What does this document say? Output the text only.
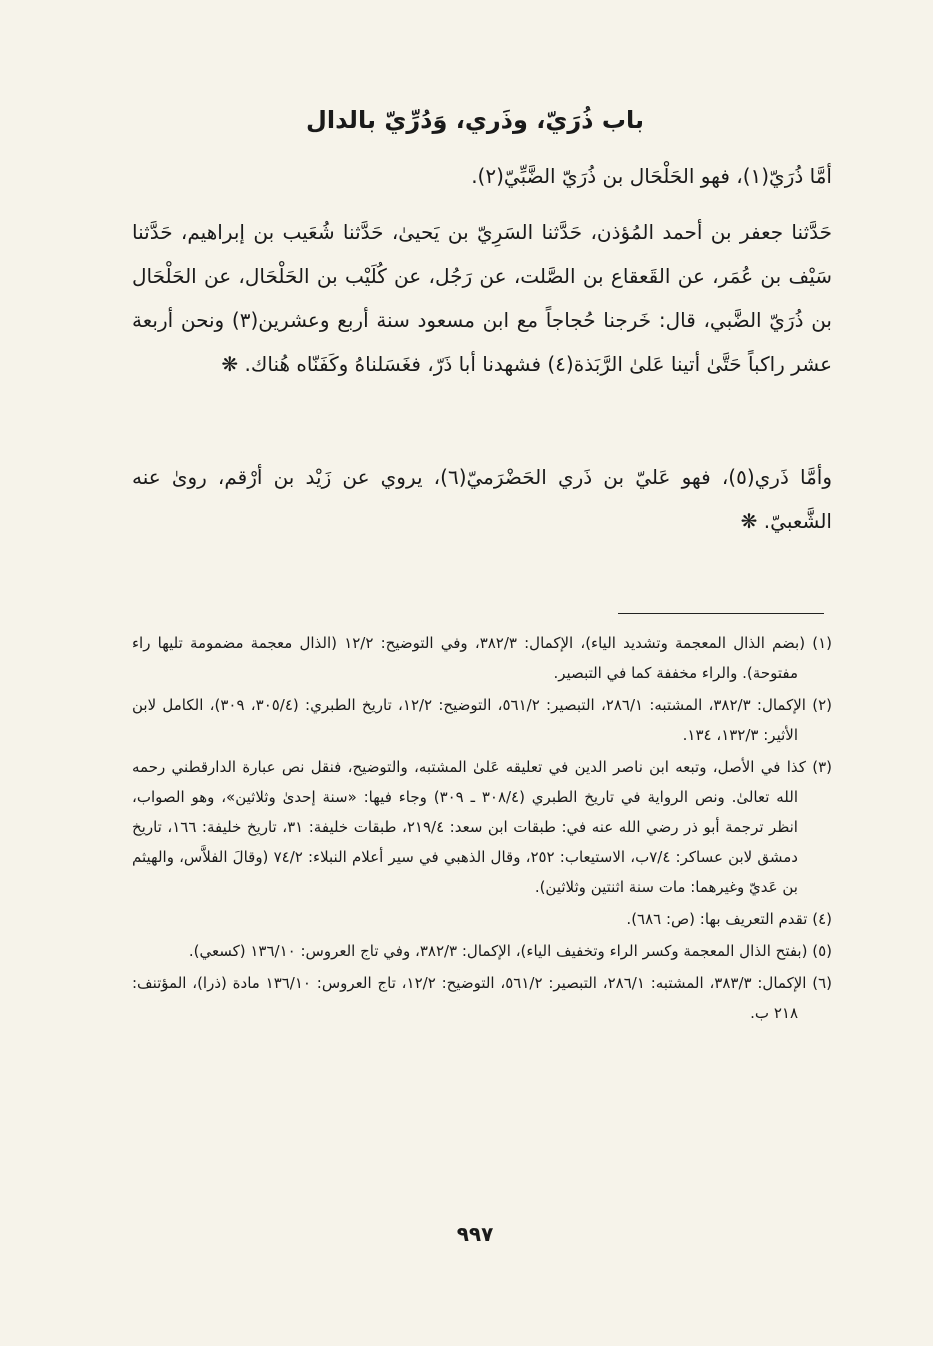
باب ذُرَيّ، وذَري، وَدُرِّيّ بالدال
أمَّا ذُرَيّ(١)، فهو الحَلْحَال بن ذُرَيّ الضَّبِّيّ(٢).
حَدَّثنا جعفر بن أحمد المُؤذن، حَدَّثنا السَرِيّ بن يَحيىٰ، حَدَّثنا شُعَيب بن إبراهيم، حَدَّثنا سَيْف بن عُمَر، عن القَعقاع بن الصَّلت، عن رَجُل، عن كُلَيْب بن الحَلْحَال، عن الحَلْحَال بن ذُرَيّ الضَّبي، قال: خَرجنا حُجاجاً مع ابن مسعود سنة أربع وعشرين(٣) ونحن أربعة عشر راكباً حَتَّىٰ أتينا عَلىٰ الرَّبَذة(٤) فشهدنا أبا ذَرّ، فغَسَلناهُ وكَفَنّاه هُناك. ❋
وأمَّا ذَري(٥)، فهو عَليّ بن ذَري الحَضْرَميّ(٦)، يروي عن زَيْد بن أرْقم، روىٰ عنه الشَّعبيّ. ❋

(١) (بضم الذال المعجمة وتشديد الياء)، الإكمال: ٣٨٢/٣، وفي التوضيح: ١٢/٢ (الذال معجمة مضمومة تليها راء مفتوحة). والراء مخففة كما في التبصير.

(٢) الإكمال: ٣٨٢/٣، المشتبه: ٢٨٦/١، التبصير: ٥٦١/٢، التوضيح: ١٢/٢، تاريخ الطبري: (٣٠٥/٤، ٣٠٩)، الكامل لابن الأثير: ١٣٢/٣، ١٣٤.

(٣) كذا في الأصل، وتبعه ابن ناصر الدين في تعليقه عَلىٰ المشتبه، والتوضيح، فنقل نص عبارة الدارقطني رحمه الله تعالىٰ. ونص الرواية في تاريخ الطبري (٣٠٨/٤ ـ ٣٠٩) وجاء فيها: «سنة إحدىٰ وثلاثين»، وهو الصواب، انظر ترجمة أبو ذر رضي الله عنه في: طبقات ابن سعد: ٢١٩/٤، طبقات خليفة: ٣١، تاريخ خليفة: ١٦٦، تاريخ دمشق لابن عساكر: ٧/٤ب، الاستيعاب: ٢٥٢، وقال الذهبي في سير أعلام النبلاء: ٧٤/٢ (وقالَ الفلاَّس، والهيثم بن عَديّ وغيرهما: مات سنة اثنتين وثلاثين).

(٤) تقدم التعريف بها: (ص: ٦٨٦).

(٥) (بفتح الذال المعجمة وكسر الراء وتخفيف الياء)، الإكمال: ٣٨٢/٣، وفي تاج العروس: ١٣٦/١٠ (كسعي).

(٦) الإكمال: ٣٨٣/٣، المشتبه: ٢٨٦/١، التبصير: ٥٦١/٢، التوضيح: ١٢/٢، تاج العروس: ١٣٦/١٠ مادة (ذرا)، المؤتنف: ٢١٨ ب.

٩٩٧
